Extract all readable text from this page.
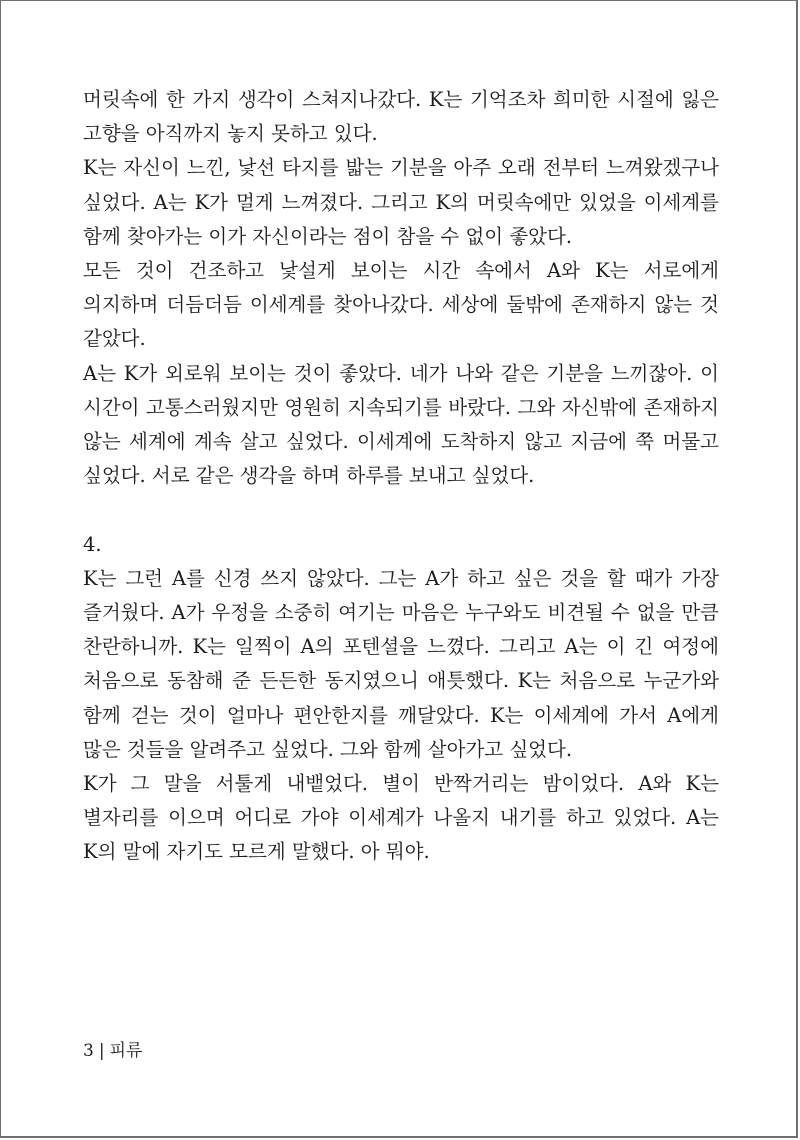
머릿속에 한 가지 생각이 스쳐지나갔다. K는 기억조차 희미한 시절에 잃은 고향을 아직까지 놓지 못하고 있다.

K는 자신이 느낀, 낯선 타지를 밟는 기분을 아주 오래 전부터 느껴왔겠구나 싶었다. A는 K가 멀게 느껴졌다. 그리고 K의 머릿속에만 있었을 이세계를 함께 찾아가는 이가 자신이라는 점이 참을 수 없이 좋았다.

모든 것이 건조하고 낯설게 보이는 시간 속에서 A와 K는 서로에게 의지하며 더듬더듬 이세계를 찾아나갔다. 세상에 둘밖에 존재하지 않는 것 같았다.

A는 K가 외로워 보이는 것이 좋았다. 네가 나와 같은 기분을 느끼잖아. 이 시간이 고통스러웠지만 영원히 지속되기를 바랐다. 그와 자신밖에 존재하지 않는 세계에 계속 살고 싶었다. 이세계에 도착하지 않고 지금에 쭉 머물고 싶었다. 서로 같은 생각을 하며 하루를 보내고 싶었다.

4.

K는 그런 A를 신경 쓰지 않았다. 그는 A가 하고 싶은 것을 할 때가 가장 즐거웠다. A가 우정을 소중히 여기는 마음은 누구와도 비견될 수 없을 만큼 찬란하니까. K는 일찍이 A의 포텐셜을 느꼈다. 그리고 A는 이 긴 여정에 처음으로 동참해 준 든든한 동지였으니 애틋했다. K는 처음으로 누군가와 함께 걷는 것이 얼마나 편안한지를 깨달았다. K는 이세계에 가서 A에게 많은 것들을 알려주고 싶었다. 그와 함께 살아가고 싶었다.

K가 그 말을 서툴게 내뱉었다. 별이 반짝거리는 밤이었다. A와 K는 별자리를 이으며 어디로 가야 이세계가 나올지 내기를 하고 있었다. A는 K의 말에 자기도 모르게 말했다. 아 뭐야.

3 | 피류
